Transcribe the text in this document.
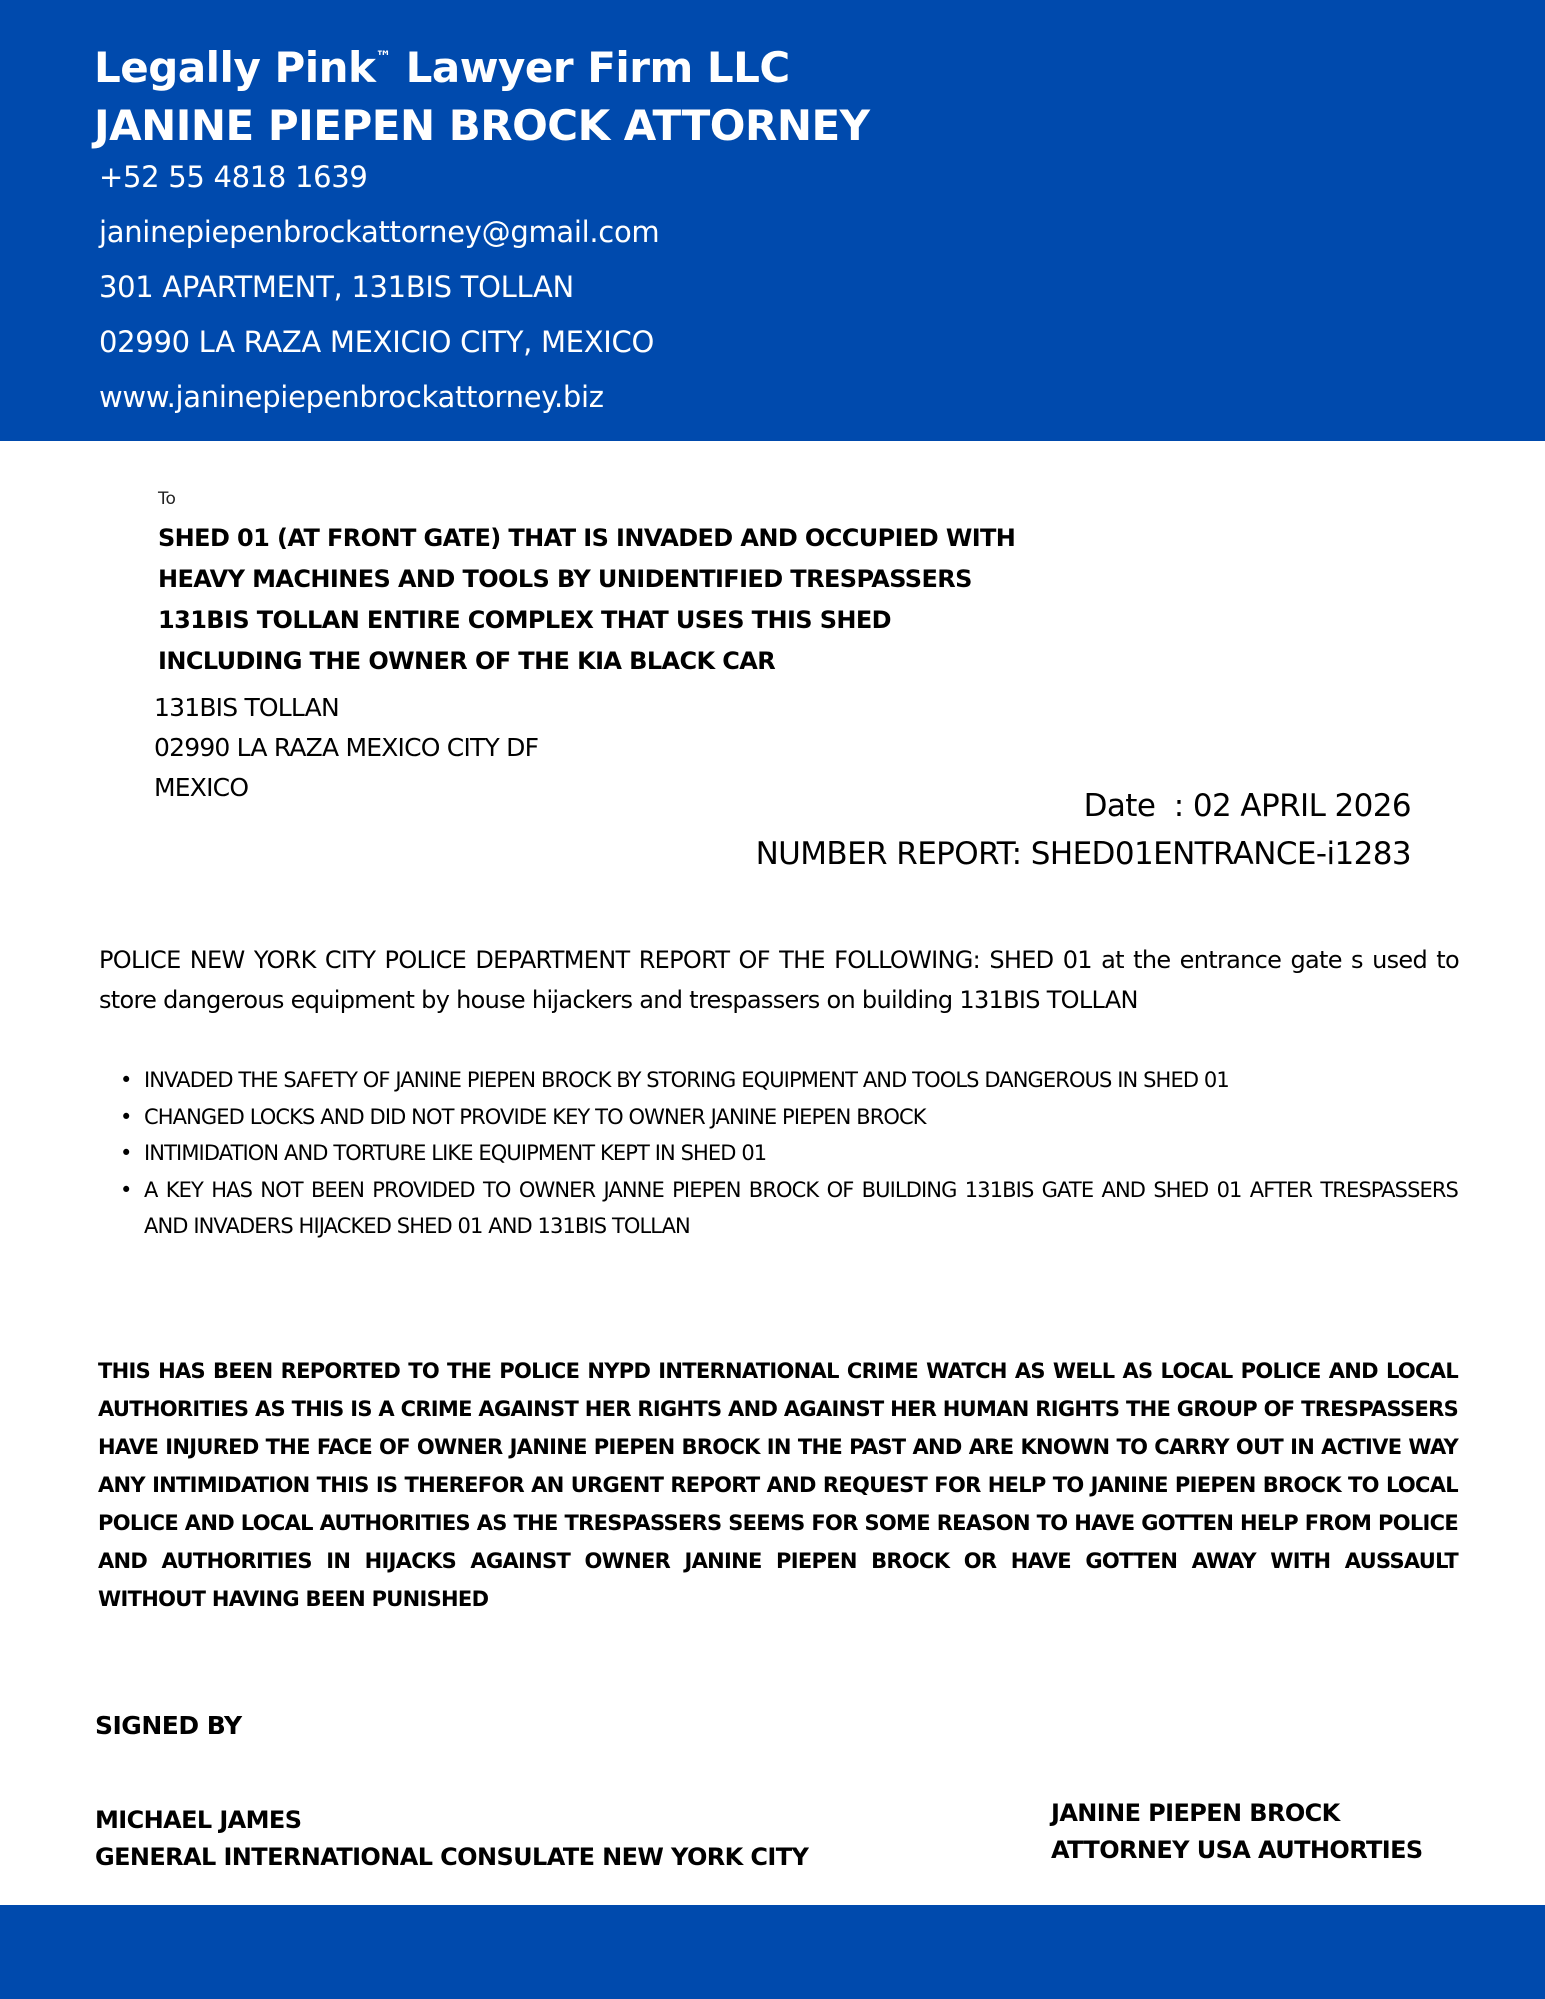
Legally Pink™ Lawyer Firm LLC
JANINE PIEPEN BROCK ATTORNEY
+52 55 4818 1639
janinepiepenbrockattorney@gmail.com
301 APARTMENT, 131BIS TOLLAN
02990 LA RAZA MEXICIO CITY, MEXICO
www.janinepiepenbrockattorney.biz
To
SHED 01 (AT FRONT GATE) THAT IS INVADED AND OCCUPIED WITH
HEAVY MACHINES AND TOOLS BY UNIDENTIFIED TRESPASSERS
131BIS TOLLAN ENTIRE COMPLEX THAT USES THIS SHED
INCLUDING THE OWNER OF THE KIA BLACK CAR
131BIS TOLLAN
02990 LA RAZA MEXICO CITY DF
MEXICO
Date  : 02 APRIL 2026
NUMBER REPORT: SHED01ENTRANCE-i1283
POLICE NEW YORK CITY POLICE DEPARTMENT REPORT OF THE FOLLOWING: SHED 01 at the entrance gate s used to store dangerous equipment by house hijackers and trespassers on building 131BIS TOLLAN
• INVADED THE SAFETY OF JANINE PIEPEN BROCK BY STORING EQUIPMENT AND TOOLS DANGEROUS IN SHED 01
• CHANGED LOCKS AND DID NOT PROVIDE KEY TO OWNER JANINE PIEPEN BROCK
• INTIMIDATION AND TORTURE LIKE EQUIPMENT KEPT IN SHED 01
• A KEY HAS NOT BEEN PROVIDED TO OWNER JANNE PIEPEN BROCK OF BUILDING 131BIS GATE AND SHED 01 AFTER TRESPASSERS AND INVADERS HIJACKED SHED 01 AND 131BIS TOLLAN
THIS HAS BEEN REPORTED TO THE POLICE NYPD INTERNATIONAL CRIME WATCH AS WELL AS LOCAL POLICE AND LOCAL AUTHORITIES AS THIS IS A CRIME AGAINST HER RIGHTS AND AGAINST HER HUMAN RIGHTS THE GROUP OF TRESPASSERS HAVE INJURED THE FACE OF OWNER JANINE PIEPEN BROCK IN THE PAST AND ARE KNOWN TO CARRY OUT IN ACTIVE WAY ANY INTIMIDATION THIS IS THEREFOR AN URGENT REPORT AND REQUEST FOR HELP TO JANINE PIEPEN BROCK TO LOCAL POLICE AND LOCAL AUTHORITIES AS THE TRESPASSERS SEEMS FOR SOME REASON TO HAVE GOTTEN HELP FROM POLICE AND AUTHORITIES IN HIJACKS AGAINST OWNER JANINE PIEPEN BROCK OR HAVE GOTTEN AWAY WITH AUSSAULT WITHOUT HAVING BEEN PUNISHED
SIGNED BY
MICHAEL JAMES
GENERAL INTERNATIONAL CONSULATE NEW YORK CITY
JANINE PIEPEN BROCK
ATTORNEY USA AUTHORTIES
